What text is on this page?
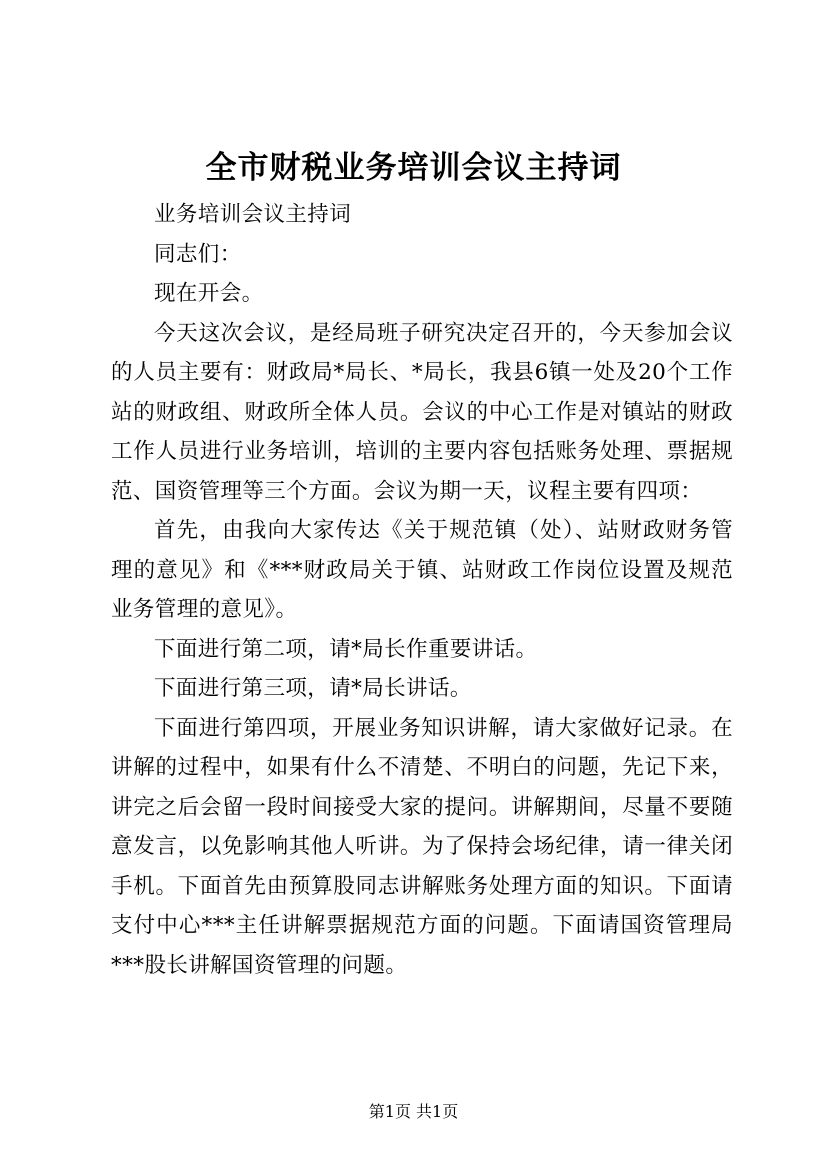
全市财税业务培训会议主持词

业务培训会议主持词

同志们：

现在开会。

今天这次会议，是经局班子研究决定召开的，今天参加会议的人员主要有：财政局*局长、*局长，我县6镇一处及20个工作站的财政组、财政所全体人员。会议的中心工作是对镇站的财政工作人员进行业务培训，培训的主要内容包括账务处理、票据规范、国资管理等三个方面。会议为期一天，议程主要有四项：

首先，由我向大家传达《关于规范镇（处）、站财政财务管理的意见》和《***财政局关于镇、站财政工作岗位设置及规范业务管理的意见》。

下面进行第二项，请*局长作重要讲话。

下面进行第三项，请*局长讲话。

下面进行第四项，开展业务知识讲解，请大家做好记录。在讲解的过程中，如果有什么不清楚、不明白的问题，先记下来，讲完之后会留一段时间接受大家的提问。讲解期间，尽量不要随意发言，以免影响其他人听讲。为了保持会场纪律，请一律关闭手机。下面首先由预算股同志讲解账务处理方面的知识。下面请支付中心***主任讲解票据规范方面的问题。下面请国资管理局***股长讲解国资管理的问题。

第1页 共1页
